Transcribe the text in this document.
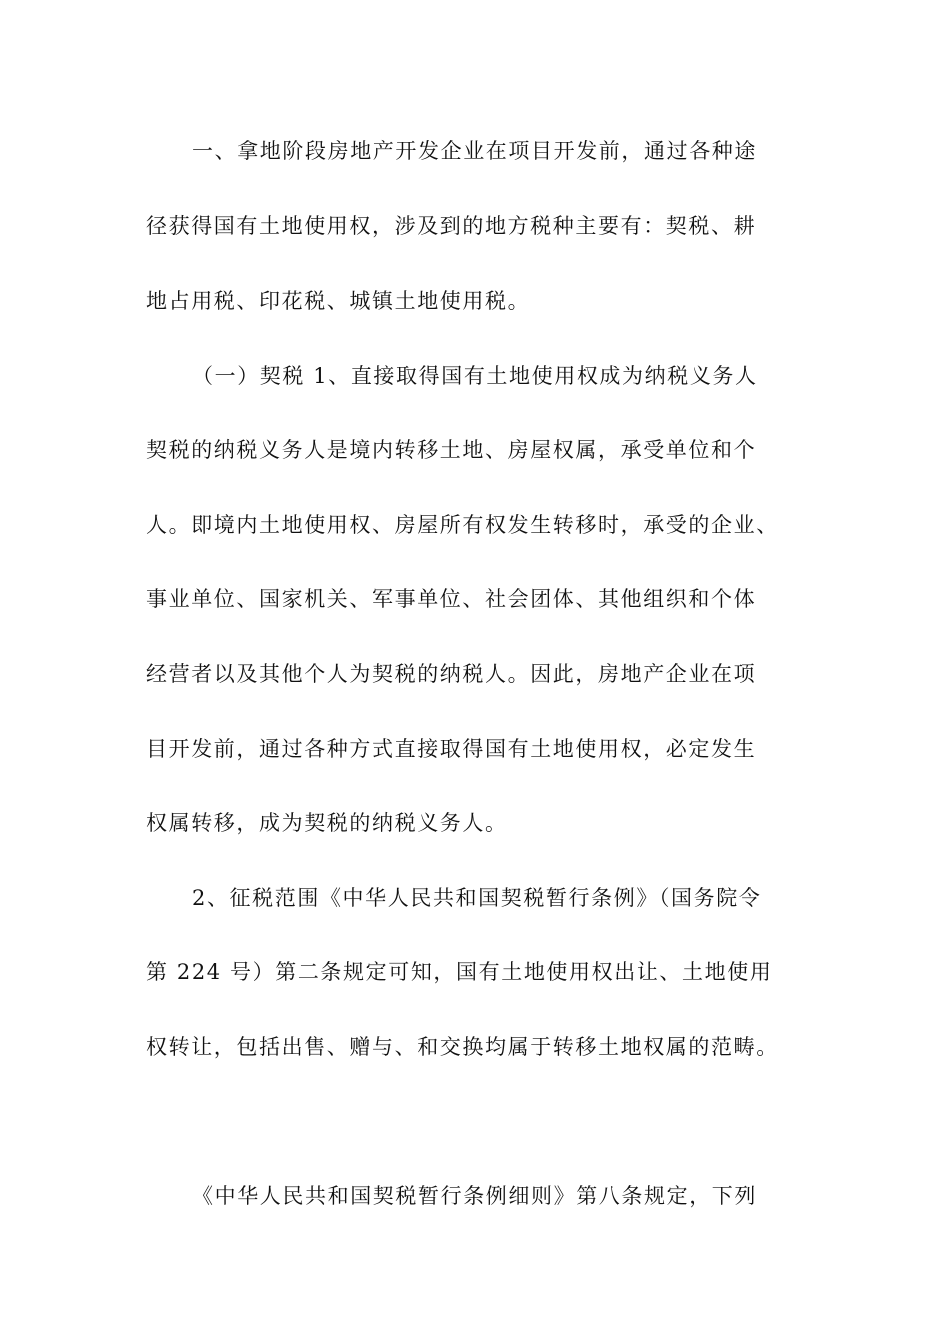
一、拿地阶段房地产开发企业在项目开发前，通过各种途
径获得国有土地使用权，涉及到的地方税种主要有：契税、耕
地占用税、印花税、城镇土地使用税。
（一）契税 1、直接取得国有土地使用权成为纳税义务人
契税的纳税义务人是境内转移土地、房屋权属，承受单位和个
人。即境内土地使用权、房屋所有权发生转移时，承受的企业、
事业单位、国家机关、军事单位、社会团体、其他组织和个体
经营者以及其他个人为契税的纳税人。因此，房地产企业在项
目开发前，通过各种方式直接取得国有土地使用权，必定发生
权属转移，成为契税的纳税义务人。
2、征税范围《中华人民共和国契税暂行条例》（国务院令
第 224 号）第二条规定可知，国有土地使用权出让、土地使用
权转让，包括出售、赠与、和交换均属于转移土地权属的范畴。
《中华人民共和国契税暂行条例细则》第八条规定，下列
